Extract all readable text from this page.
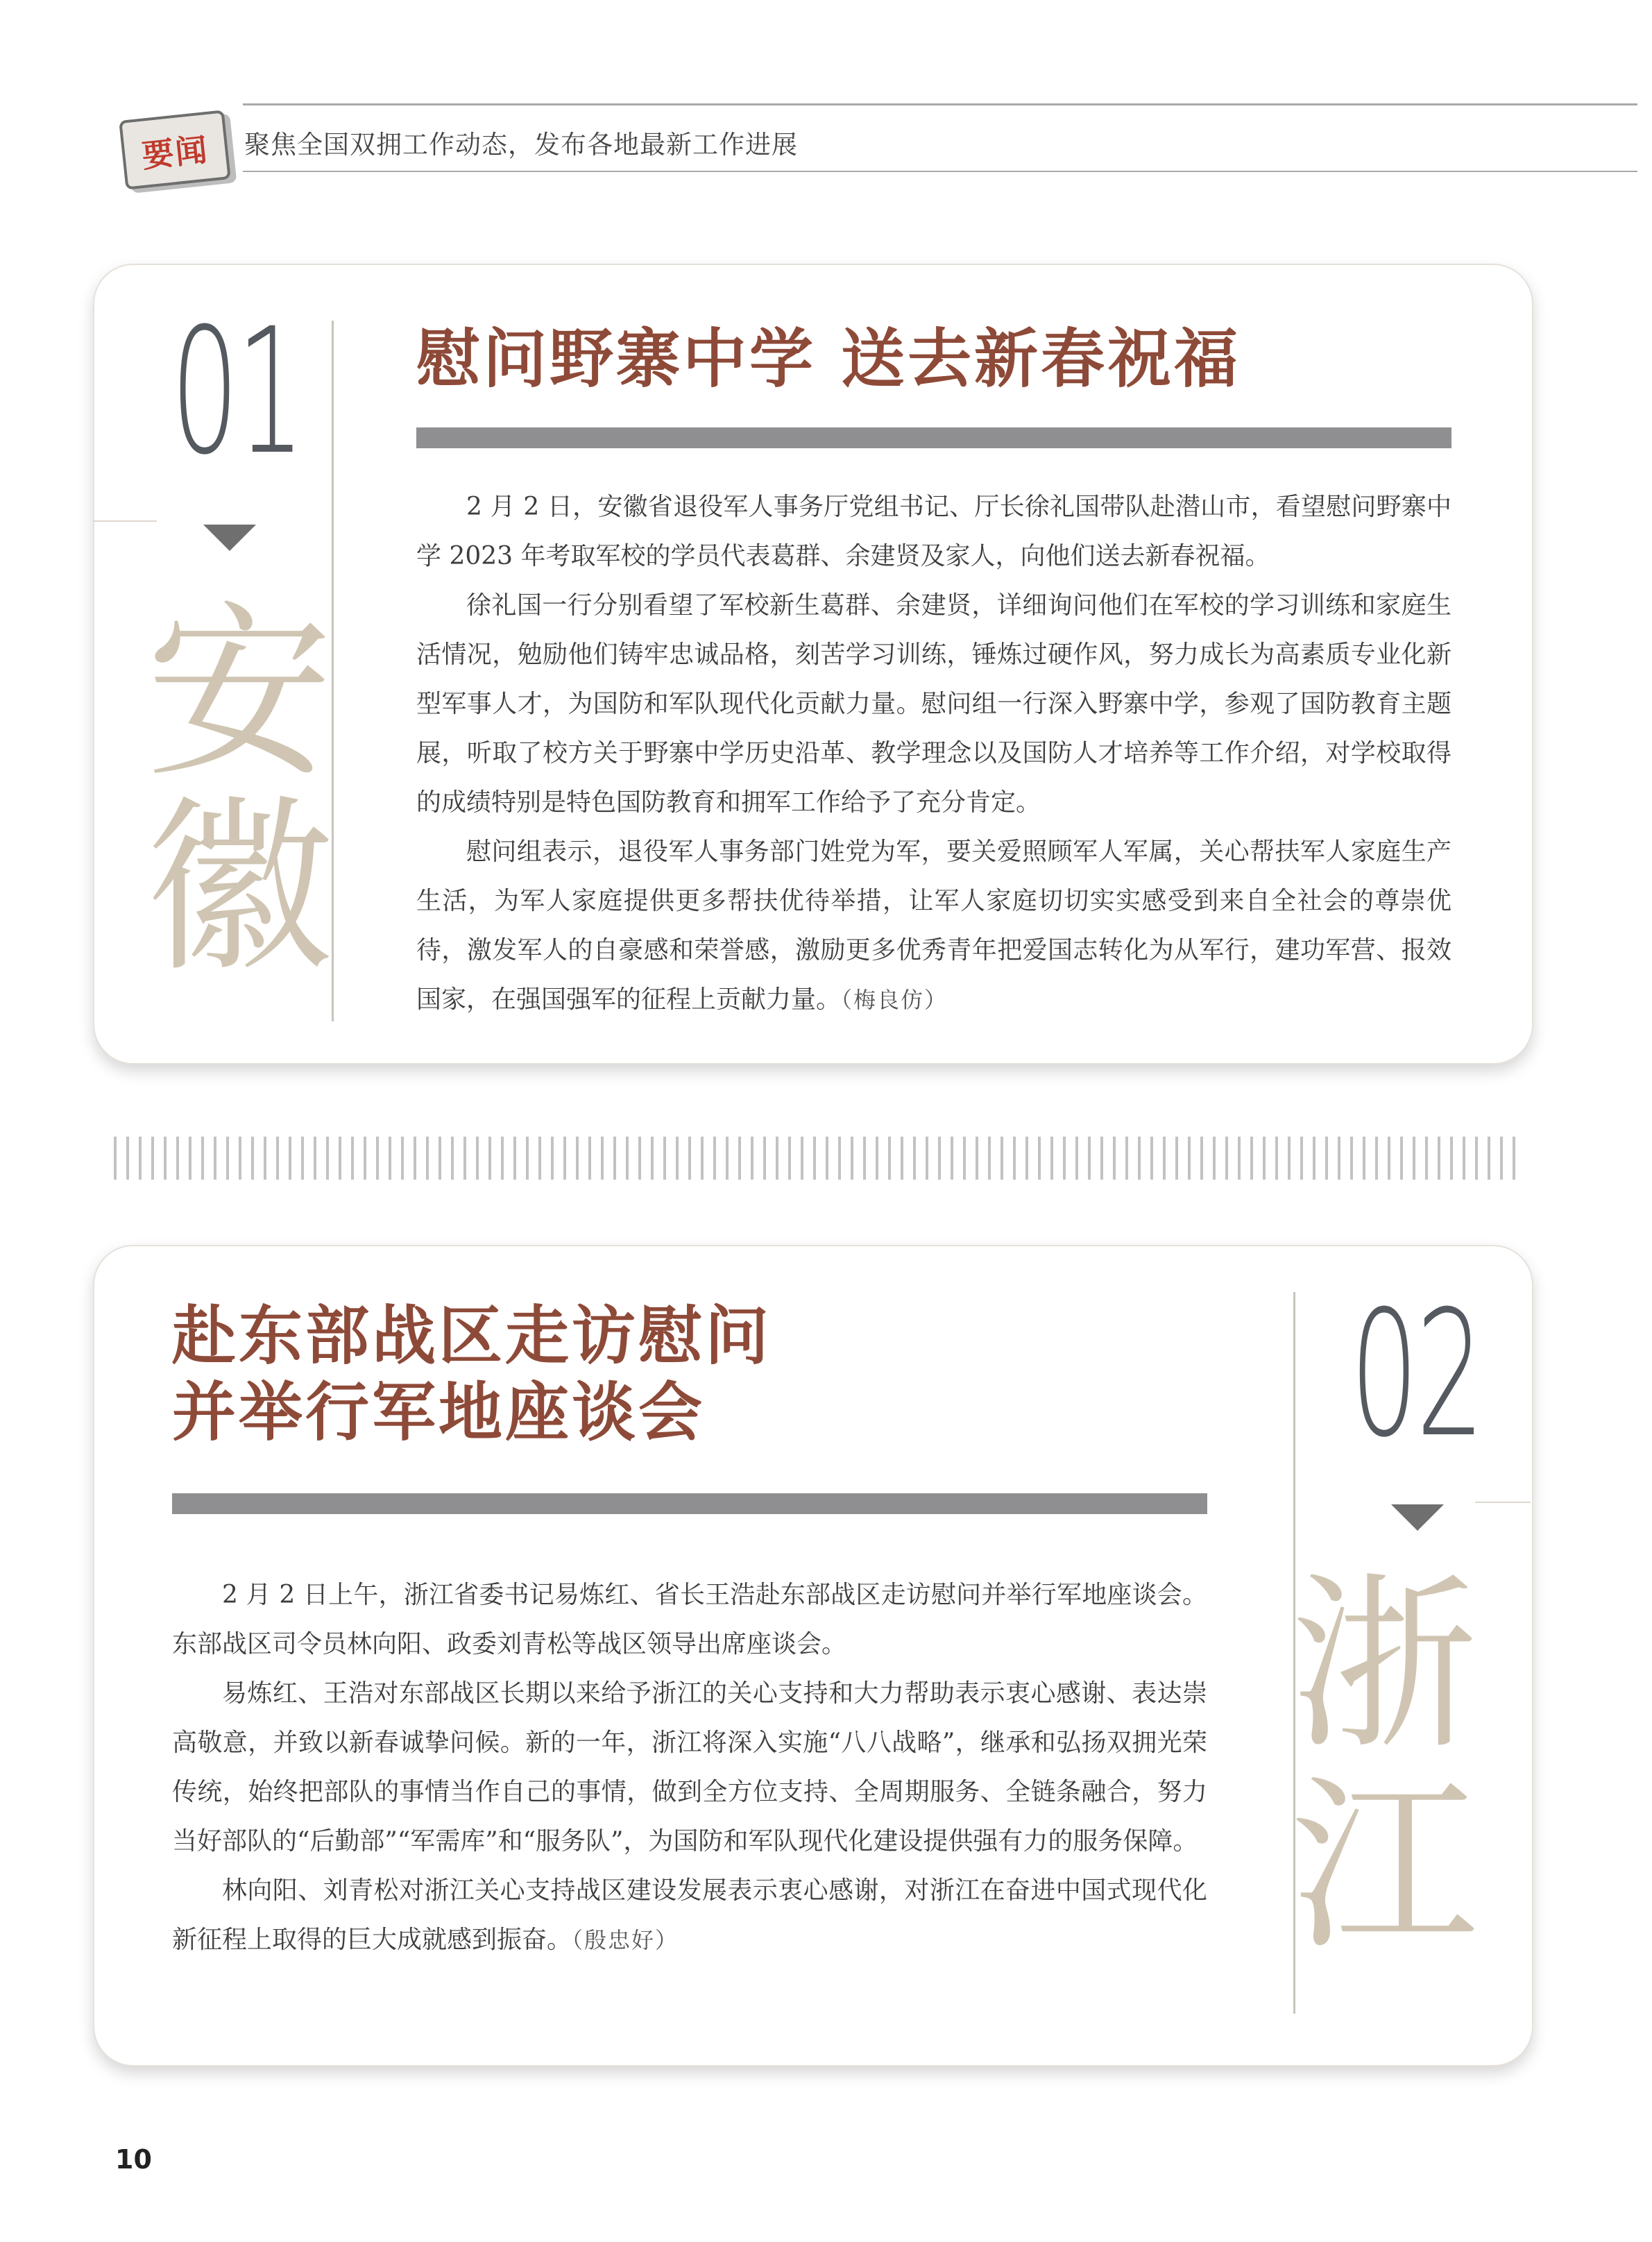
要闻	聚焦全国双拥工作动态，发布各地最新工作进展
01
安
徽
慰问野寨中学 送去新春祝福

2 月 2 日，安徽省退役军人事务厅党组书记、厅长徐礼国带队赴潜山市，看望慰问野寨中学 2023 年考取军校的学员代表葛群、余建贤及家人，向他们送去新春祝福。

徐礼国一行分别看望了军校新生葛群、余建贤，详细询问他们在军校的学习训练和家庭生活情况，勉励他们铸牢忠诚品格，刻苦学习训练，锤炼过硬作风，努力成长为高素质专业化新型军事人才，为国防和军队现代化贡献力量。慰问组一行深入野寨中学，参观了国防教育主题展，听取了校方关于野寨中学历史沿革、教学理念以及国防人才培养等工作介绍，对学校取得的成绩特别是特色国防教育和拥军工作给予了充分肯定。

慰问组表示，退役军人事务部门姓党为军，要关爱照顾军人军属，关心帮扶军人家庭生产生活，为军人家庭提供更多帮扶优待举措，让军人家庭切切实实感受到来自全社会的尊崇优待，激发军人的自豪感和荣誉感，激励更多优秀青年把爱国志转化为从军行，建功军营、报效国家，在强国强军的征程上贡献力量。（梅良仿）

赴东部战区走访慰问
并举行军地座谈会

2 月 2 日上午，浙江省委书记易炼红、省长王浩赴东部战区走访慰问并举行军地座谈会。东部战区司令员林向阳、政委刘青松等战区领导出席座谈会。

易炼红、王浩对东部战区长期以来给予浙江的关心支持和大力帮助表示衷心感谢、表达崇高敬意，并致以新春诚挚问候。新的一年，浙江将深入实施“八八战略”，继承和弘扬双拥光荣传统，始终把部队的事情当作自己的事情，做到全方位支持、全周期服务、全链条融合，努力当好部队的“后勤部”“军需库”和“服务队”，为国防和军队现代化建设提供强有力的服务保障。

林向阳、刘青松对浙江关心支持战区建设发展表示衷心感谢，对浙江在奋进中国式现代化新征程上取得的巨大成就感到振奋。（殷忠好）

02
浙
江
10
